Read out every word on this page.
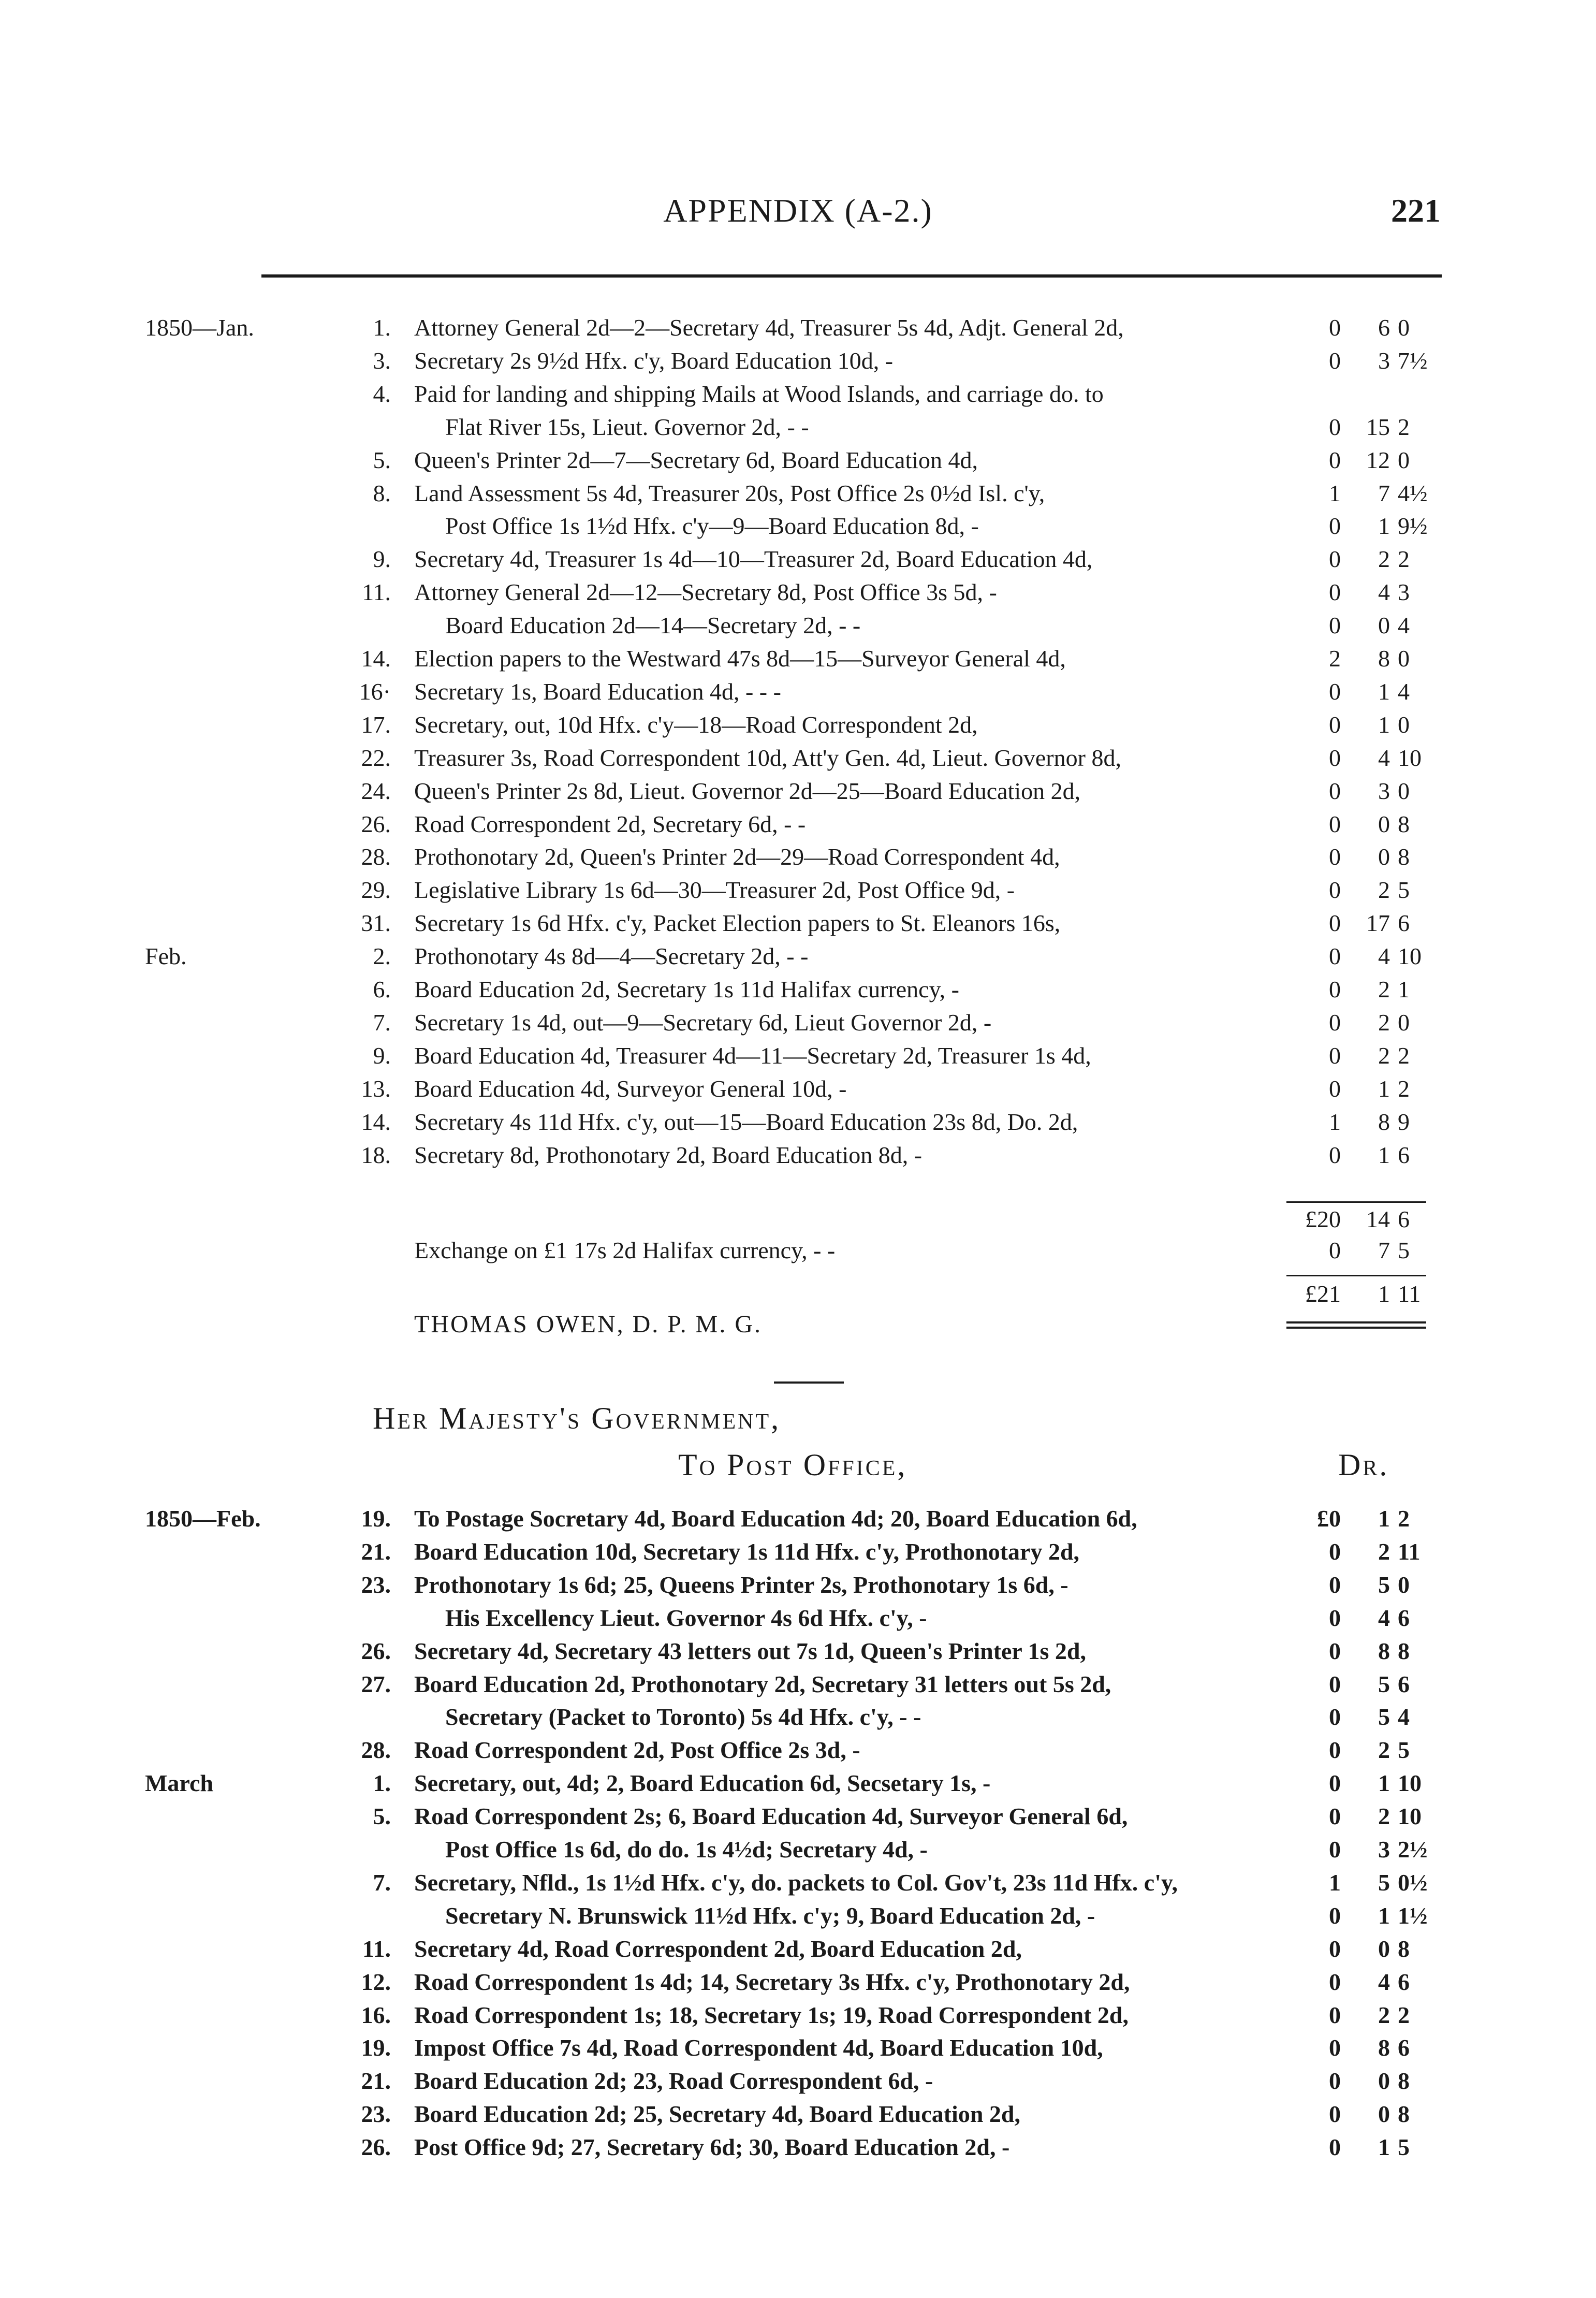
APPENDIX (A-2.)	221
1850—Jan.	1. Attorney General 2d—2—Secretary 4d, Treasurer 5s 4d, Adjt. General 2d,	0	6 0
3. Secretary 2s 9½d Hfx. c'y, Board Education 10d, -	0	3 7½
4. Paid for landing and shipping Mails at Wood Islands, and carriage do. to
Flat River 15s, Lieut. Governor 2d, - -	0	15 2
5. Queen's Printer 2d—7—Secretary 6d, Board Education 4d,	0	12 0
8. Land Assessment 5s 4d, Treasurer 20s, Post Office 2s 0½d Isl. c'y,	1	7 4½
Post Office 1s 1½d Hfx. c'y—9—Board Education 8d, -	0	1 9½
9. Secretary 4d, Treasurer 1s 4d—10—Treasurer 2d, Board Education 4d,	0	2 2
11. Attorney General 2d—12—Secretary 8d, Post Office 3s 5d, -	0	4 3
Board Education 2d—14—Secretary 2d, - -	0	0 4
14. Election papers to the Westward 47s 8d—15—Surveyor General 4d,	2	8 0
16· Secretary 1s, Board Education 4d, - - -	0	1 4
17. Secretary, out, 10d Hfx. c'y—18—Road Correspondent 2d,	0	1 0
22. Treasurer 3s, Road Correspondent 10d, Att'y Gen. 4d, Lieut. Governor 8d,	0	4 10
24. Queen's Printer 2s 8d, Lieut. Governor 2d—25—Board Education 2d,	0	3 0
26. Road Correspondent 2d, Secretary 6d, - -	0	0 8
28. Prothonotary 2d, Queen's Printer 2d—29—Road Correspondent 4d,	0	0 8
29. Legislative Library 1s 6d—30—Treasurer 2d, Post Office 9d, -	0	2 5
31. Secretary 1s 6d Hfx. c'y, Packet Election papers to St. Eleanors 16s,	0	17 6
Feb.	2. Prothonotary 4s 8d—4—Secretary 2d, - -	0	4 10
6. Board Education 2d, Secretary 1s 11d Halifax currency, -	0	2 1
7. Secretary 1s 4d, out—9—Secretary 6d, Lieut Governor 2d, -	0	2 0
9. Board Education 4d, Treasurer 4d—11—Secretary 2d, Treasurer 1s 4d,	0	2 2
13. Board Education 4d, Surveyor General 10d, -	0	1 2
14. Secretary 4s 11d Hfx. c'y, out—15—Board Education 23s 8d, Do. 2d,	1	8 9
18. Secretary 8d, Prothonotary 2d, Board Education 8d, -	0	1 6
£20	14 6
Exchange on £1 17s 2d Halifax currency, - -	0	7 5
£21	1 11
THOMAS OWEN, D. P. M. G.
Her Majesty's Government,
To Post Office,	Dr.
1850—Feb.	19. To Postage Socretary 4d, Board Education 4d; 20, Board Education 6d,	£0	1 2
21. Board Education 10d, Secretary 1s 11d Hfx. c'y, Prothonotary 2d,	0	2 11
23. Prothonotary 1s 6d; 25, Queens Printer 2s, Prothonotary 1s 6d, -	0	5 0
His Excellency Lieut. Governor 4s 6d Hfx. c'y, -	0	4 6
26. Secretary 4d, Secretary 43 letters out 7s 1d, Queen's Printer 1s 2d,	0	8 8
27. Board Education 2d, Prothonotary 2d, Secretary 31 letters out 5s 2d,	0	5 6
Secretary (Packet to Toronto) 5s 4d Hfx. c'y, - -	0	5 4
28. Road Correspondent 2d, Post Office 2s 3d, -	0	2 5
March	1. Secretary, out, 4d; 2, Board Education 6d, Secsetary 1s, -	0	1 10
5. Road Correspondent 2s; 6, Board Education 4d, Surveyor General 6d,	0	2 10
Post Office 1s 6d, do do. 1s 4½d; Secretary 4d, -	0	3 2½
7. Secretary, Nfld., 1s 1½d Hfx. c'y, do. packets to Col. Gov't, 23s 11d Hfx. c'y,	1	5 0½
Secretary N. Brunswick 11½d Hfx. c'y; 9, Board Education 2d, -	0	1 1½
11. Secretary 4d, Road Correspondent 2d, Board Education 2d,	0	0 8
12. Road Correspondent 1s 4d; 14, Secretary 3s Hfx. c'y, Prothonotary 2d,	0	4 6
16. Road Correspondent 1s; 18, Secretary 1s; 19, Road Correspondent 2d,	0	2 2
19. Impost Office 7s 4d, Road Correspondent 4d, Board Education 10d,	0	8 6
21. Board Education 2d; 23, Road Correspondent 6d, -	0	0 8
23. Board Education 2d; 25, Secretary 4d, Board Education 2d,	0	0 8
26. Post Office 9d; 27, Secretary 6d; 30, Board Education 2d, -	0	1 5
